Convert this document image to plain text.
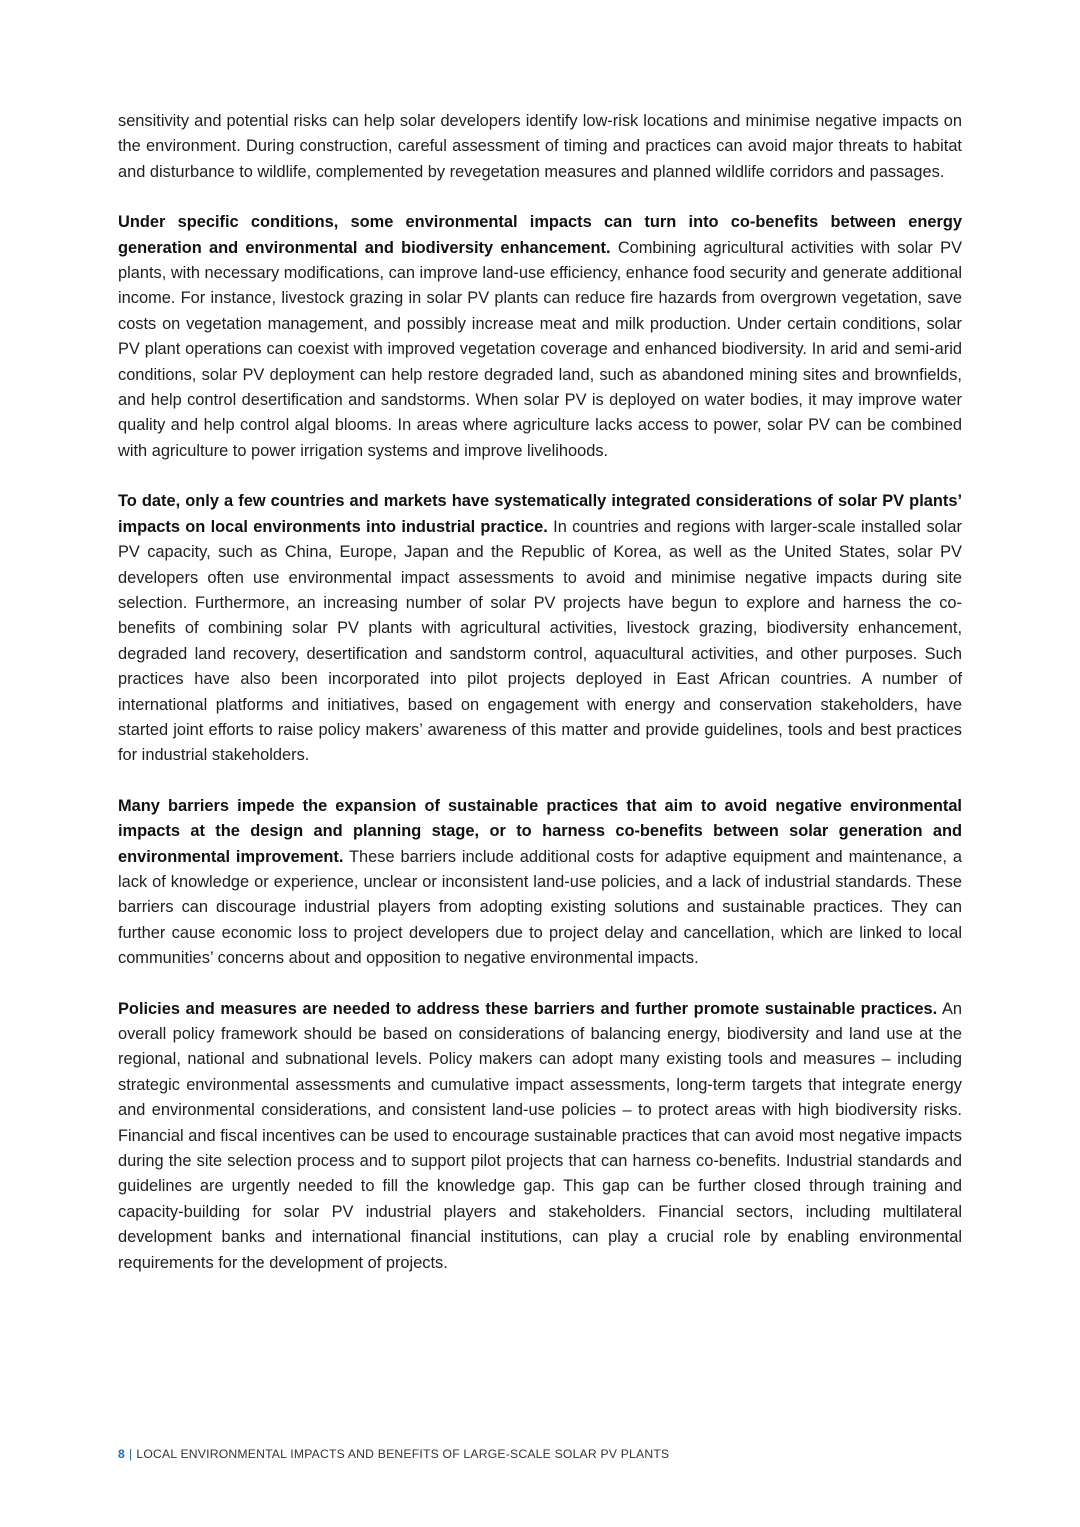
sensitivity and potential risks can help solar developers identify low-risk locations and minimise negative impacts on the environment. During construction, careful assessment of timing and practices can avoid major threats to habitat and disturbance to wildlife, complemented by revegetation measures and planned wildlife corridors and passages.

Under specific conditions, some environmental impacts can turn into co-benefits between energy generation and environmental and biodiversity enhancement. Combining agricultural activities with solar PV plants, with necessary modifications, can improve land-use efficiency, enhance food security and generate additional income. For instance, livestock grazing in solar PV plants can reduce fire hazards from overgrown vegetation, save costs on vegetation management, and possibly increase meat and milk production. Under certain conditions, solar PV plant operations can coexist with improved vegetation coverage and enhanced biodiversity. In arid and semi-arid conditions, solar PV deployment can help restore degraded land, such as abandoned mining sites and brownfields, and help control desertification and sandstorms. When solar PV is deployed on water bodies, it may improve water quality and help control algal blooms. In areas where agriculture lacks access to power, solar PV can be combined with agriculture to power irrigation systems and improve livelihoods.

To date, only a few countries and markets have systematically integrated considerations of solar PV plants’ impacts on local environments into industrial practice. In countries and regions with larger-scale installed solar PV capacity, such as China, Europe, Japan and the Republic of Korea, as well as the United States, solar PV developers often use environmental impact assessments to avoid and minimise negative impacts during site selection. Furthermore, an increasing number of solar PV projects have begun to explore and harness the co-benefits of combining solar PV plants with agricultural activities, livestock grazing, biodiversity enhancement, degraded land recovery, desertification and sandstorm control, aquacultural activities, and other purposes. Such practices have also been incorporated into pilot projects deployed in East African countries. A number of international platforms and initiatives, based on engagement with energy and conservation stakeholders, have started joint efforts to raise policy makers’ awareness of this matter and provide guidelines, tools and best practices for industrial stakeholders.

Many barriers impede the expansion of sustainable practices that aim to avoid negative environmental impacts at the design and planning stage, or to harness co-benefits between solar generation and environmental improvement. These barriers include additional costs for adaptive equipment and maintenance, a lack of knowledge or experience, unclear or inconsistent land-use policies, and a lack of industrial standards. These barriers can discourage industrial players from adopting existing solutions and sustainable practices. They can further cause economic loss to project developers due to project delay and cancellation, which are linked to local communities’ concerns about and opposition to negative environmental impacts.

Policies and measures are needed to address these barriers and further promote sustainable practices. An overall policy framework should be based on considerations of balancing energy, biodiversity and land use at the regional, national and subnational levels. Policy makers can adopt many existing tools and measures – including strategic environmental assessments and cumulative impact assessments, long-term targets that integrate energy and environmental considerations, and consistent land-use policies – to protect areas with high biodiversity risks. Financial and fiscal incentives can be used to encourage sustainable practices that can avoid most negative impacts during the site selection process and to support pilot projects that can harness co-benefits. Industrial standards and guidelines are urgently needed to fill the knowledge gap. This gap can be further closed through training and capacity-building for solar PV industrial players and stakeholders. Financial sectors, including multilateral development banks and international financial institutions, can play a crucial role by enabling environmental requirements for the development of projects.

8 | LOCAL ENVIRONMENTAL IMPACTS AND BENEFITS OF LARGE-SCALE SOLAR PV PLANTS
